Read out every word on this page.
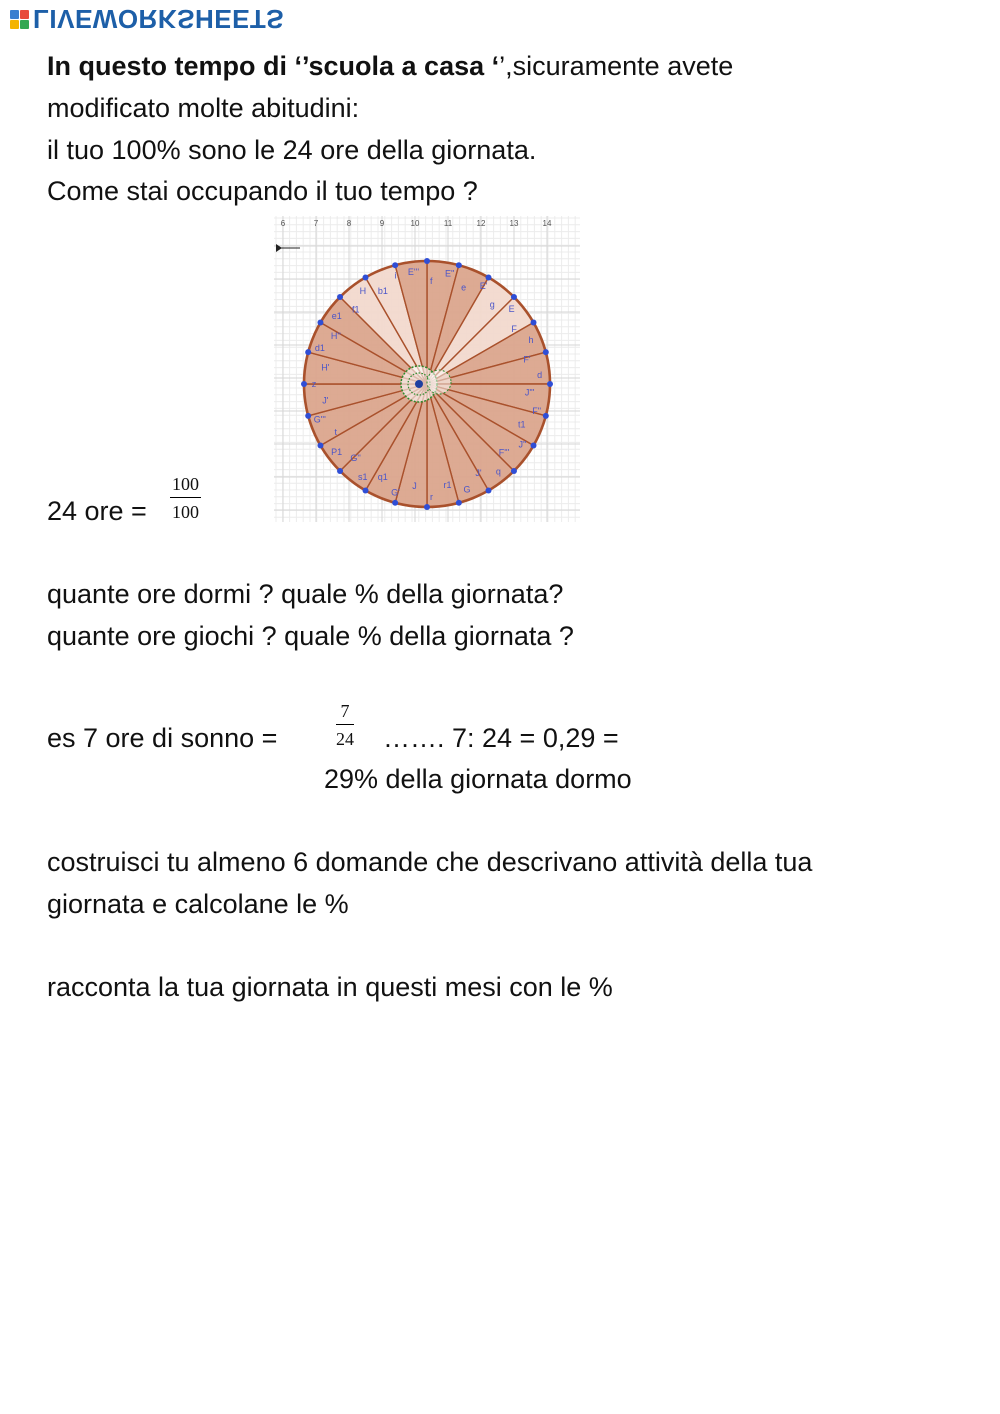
LIVEWORKSHEETS
In questo tempo di ‘’scuola a casa ‘’,sicuramente avete
modificato molte abitudini:
il tuo 100% sono le 24 ore della giornata.
Come stai occupando il tuo tempo ?
6	7	8	9	10	11	12	13	14
E'''
f
E''
e E'
g E
F
h
F'
d
J'''
F''
t1
J''
F'''
q
J'
G
r1
r
J
G'
q1
s1
G''
P1
t
G'''
J'
z
H'
d1
H''
e1
f1
H b1
i
24 ore = $\frac{100}{100}$
quante ore dormi ? quale % della giornata?
quante ore giochi ? quale % della giornata ?
es 7 ore di sonno =	$\frac{7}{24}$ ……. 7: 24 = 0,29 =
29% della giornata dormo
costruisci tu almeno 6 domande che descrivano attività della tua
giornata e calcolane le %
racconta la tua giornata in questi mesi con le %
